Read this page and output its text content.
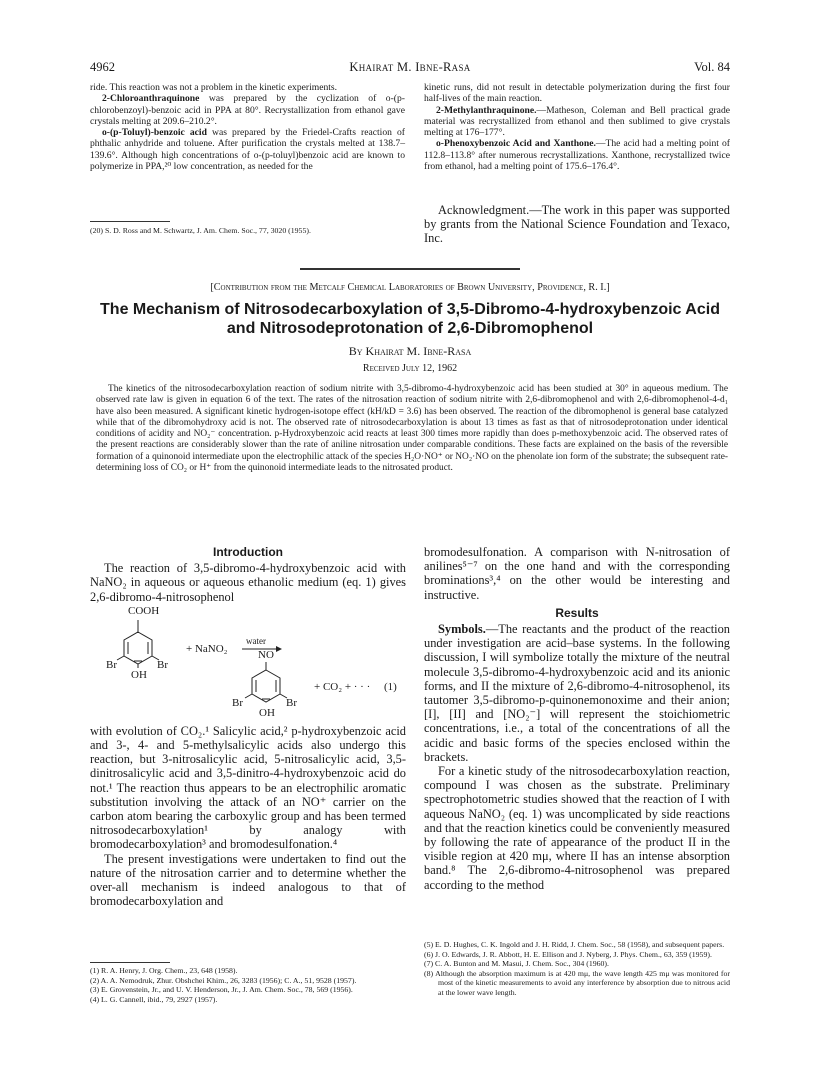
4962	Khairat M. Ibne-Rasa	Vol. 84

ride. This reaction was not a problem in the kinetic experiments.

2-Chloroanthraquinone was prepared by the cyclization of o-(p-chlorobenzoyl)-benzoic acid in PPA at 80°. Recrystallization from ethanol gave crystals melting at 209.6–210.2°.

o-(p-Toluyl)-benzoic acid was prepared by the Friedel-Crafts reaction of phthalic anhydride and toluene. After purification the crystals melted at 138.7–139.6°. Although high concentrations of o-(p-toluyl)benzoic acid are known to polymerize in PPA,²⁰ low concentration, as needed for the

(20) S. D. Ross and M. Schwartz, J. Am. Chem. Soc., 77, 3020 (1955).

kinetic runs, did not result in detectable polymerization during the first four half-lives of the main reaction.

2-Methylanthraquinone.—Matheson, Coleman and Bell practical grade material was recrystallized from ethanol and then sublimed to give crystals melting at 176–177°.

o-Phenoxybenzoic Acid and Xanthone.—The acid had a melting point of 112.8–113.8° after numerous recrystallizations. Xanthone, recrystallized twice from ethanol, had a melting point of 175.6–176.4°.

Acknowledgment.—The work in this paper was supported by grants from the National Science Foundation and Texaco, Inc.

[Contribution from the Metcalf Chemical Laboratories of Brown University, Providence, R. I.]
The Mechanism of Nitrosodecarboxylation of 3,5-Dibromo-4-hydroxybenzoic Acid
and Nitrosodeprotonation of 2,6-Dibromophenol
By Khairat M. Ibne-Rasa
Received July 12, 1962

The kinetics of the nitrosodecarboxylation reaction of sodium nitrite with 3,5-dibromo-4-hydroxybenzoic acid has been studied at 30° in aqueous medium. The observed rate law is given in equation 6 of the text. The rates of the nitrosation reaction of sodium nitrite with 2,6-dibromophenol and with 2,6-dibromophenol-4-d₁ have also been measured. A significant kinetic hydrogen-isotope effect (kH/kD = 3.6) has been observed. The reaction of the dibromophenol is general base catalyzed while that of the dibromohydroxy acid is not. The observed rate of nitrosodecarboxylation is about 13 times as fast as that of nitrosodeprotonation under identical conditions of acidity and NO₂⁻ concentration. p-Hydroxybenzoic acid reacts at least 300 times more rapidly than does p-methoxybenzoic acid. The observed rates of the present reactions are considerably slower than the rate of aniline nitrosation under comparable conditions. These facts are explained on the basis of the reversible formation of a quinonoid intermediate upon the electrophilic attack of the species H₂O·NO⁺ or NO₂·NO on the phenolate ion form of the substrate; the subsequent rate-determining loss of CO₂ or H⁺ from the quinonoid intermediate leads to the nitrosated product.

Introduction

The reaction of 3,5-dibromo-4-hydroxybenzoic acid with NaNO₂ in aqueous or aqueous ethanolic medium (eq. 1) gives 2,6-dibromo-4-nitrosophenol

COOH
Br	Br
OH
+ NaNO₂
water
NO
Br	Br
OH
+ CO₂ + · · · (1)

with evolution of CO₂.¹ Salicylic acid,² p-hydroxybenzoic acid and 3-, 4- and 5-methylsalicylic acids also undergo this reaction, but 3-nitrosalicylic acid, 5-nitrosalicylic acid, 3,5-dinitrosalicylic acid and 3,5-dinitro-4-hydroxybenzoic acid do not.¹ The reaction thus appears to be an electrophilic aromatic substitution involving the attack of an NO⁺ carrier on the carbon atom bearing the carboxylic group and has been termed nitrosodecarboxylation¹ by analogy with bromodecarboxylation³ and bromodesulfonation.⁴

The present investigations were undertaken to find out the nature of the nitrosation carrier and to determine whether the over-all mechanism is indeed analogous to that of bromodecarboxylation and

(1) R. A. Henry, J. Org. Chem., 23, 648 (1958).

(2) A. A. Nemodruk, Zhur. Obshchei Khim., 26, 3283 (1956); C. A., 51, 9528 (1957).

(3) E. Grovenstein, Jr., and U. V. Henderson, Jr., J. Am. Chem. Soc., 78, 569 (1956).

(4) L. G. Cannell, ibid., 79, 2927 (1957).

bromodesulfonation. A comparison with N-nitrosation of anilines⁵⁻⁷ on the one hand and with the corresponding brominations³,⁴ on the other would be interesting and instructive.

Results

Symbols.—The reactants and the product of the reaction under investigation are acid–base systems. In the following discussion, I will symbolize totally the mixture of the neutral molecule 3,5-dibromo-4-hydroxybenzoic acid and its anionic forms, and II the mixture of 2,6-dibromo-4-nitrosophenol, its tautomer 3,5-dibromo-p-quinonemonoxime and their anion; [I], [II] and [NO₂⁻] will represent the stoichiometric concentrations, i.e., a total of the concentrations of all the acidic and basic forms of the species enclosed within the brackets.

For a kinetic study of the nitrosodecarboxylation reaction, compound I was chosen as the substrate. Preliminary spectrophotometric studies showed that the reaction of I with aqueous NaNO₂ (eq. 1) was uncomplicated by side reactions and that the reaction kinetics could be conveniently measured by following the rate of appearance of the product II in the visible region at 420 mμ, where II has an intense absorption band.⁸ The 2,6-dibromo-4-nitrosophenol was prepared according to the method

(5) E. D. Hughes, C. K. Ingold and J. H. Ridd, J. Chem. Soc., 58 (1958), and subsequent papers.

(6) J. O. Edwards, J. R. Abbott, H. E. Ellison and J. Nyberg, J. Phys. Chem., 63, 359 (1959).

(7) C. A. Bunton and M. Masui, J. Chem. Soc., 304 (1960).

(8) Although the absorption maximum is at 420 mμ, the wave length 425 mμ was monitored for most of the kinetic measurements to avoid any interference by absorption due to nitrous acid at the lower wave length.
